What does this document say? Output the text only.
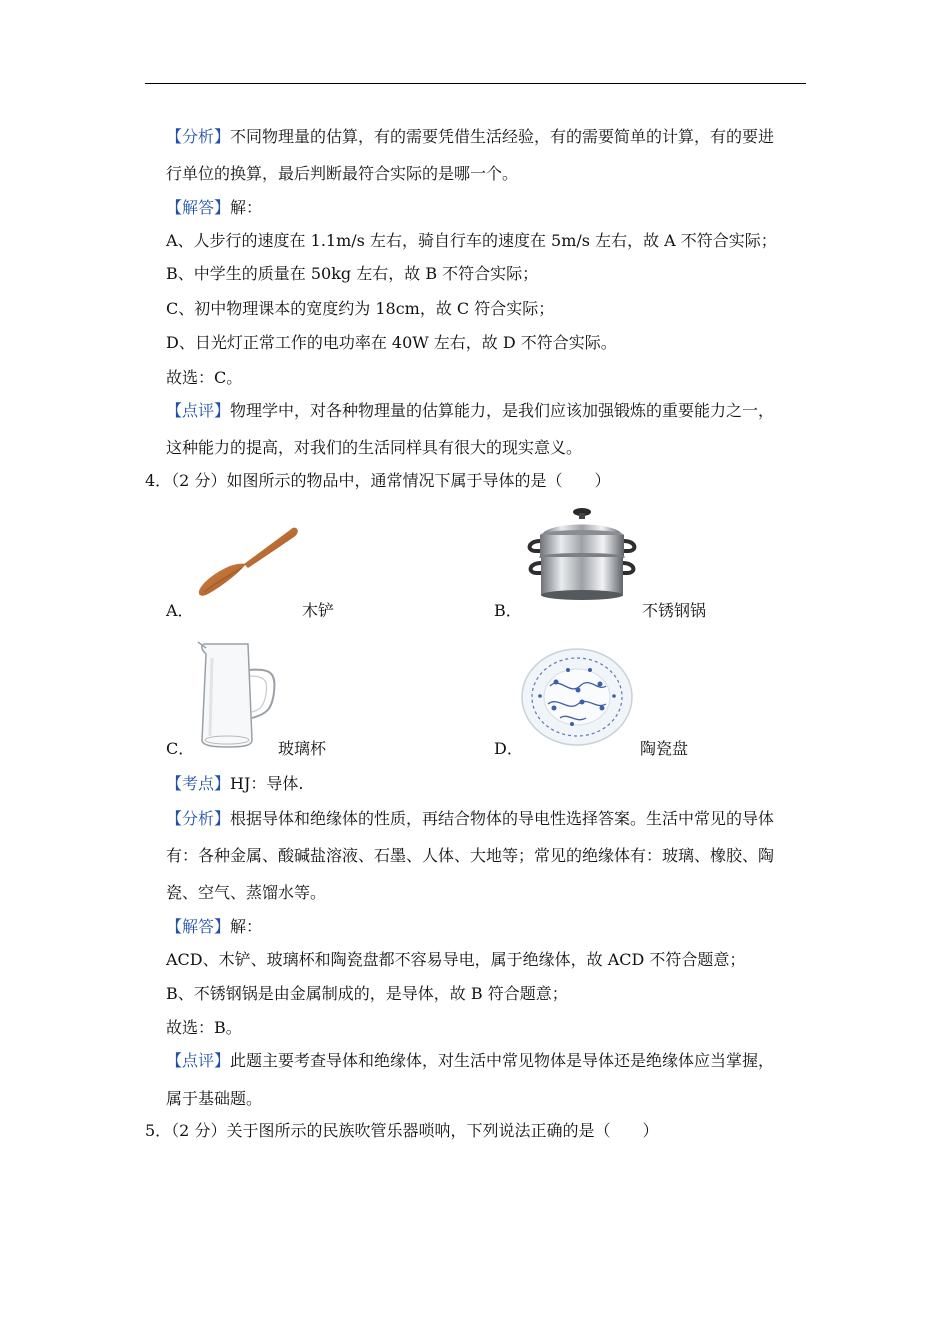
【分析】不同物理量的估算，有的需要凭借生活经验，有的需要简单的计算，有的要进
行单位的换算，最后判断最符合实际的是哪一个。
【解答】解：
A、人步行的速度在 1.1m/s 左右，骑自行车的速度在 5m/s 左右，故 A 不符合实际；
B、中学生的质量在 50kg 左右，故 B 不符合实际；
C、初中物理课本的宽度约为 18cm，故 C 符合实际；
D、日光灯正常工作的电功率在 40W 左右，故 D 不符合实际。
故选：C。
【点评】物理学中，对各种物理量的估算能力，是我们应该加强锻炼的重要能力之一，
这种能力的提高，对我们的生活同样具有很大的现实意义。
4．（2 分）如图所示的物品中，通常情况下属于导体的是（　　）
A．	木铲	B．	不锈钢锅
C．	玻璃杯	D．	陶瓷盘
【考点】HJ：导体.
【分析】根据导体和绝缘体的性质，再结合物体的导电性选择答案。生活中常见的导体
有：各种金属、酸碱盐溶液、石墨、人体、大地等；常见的绝缘体有：玻璃、橡胶、陶
瓷、空气、蒸馏水等。
【解答】解：
ACD、木铲、玻璃杯和陶瓷盘都不容易导电，属于绝缘体，故 ACD 不符合题意；
B、不锈钢锅是由金属制成的，是导体，故 B 符合题意；
故选：B。
【点评】此题主要考查导体和绝缘体，对生活中常见物体是导体还是绝缘体应当掌握，
属于基础题。
5．（2 分）关于图所示的民族吹管乐器唢呐，下列说法正确的是（　　）
